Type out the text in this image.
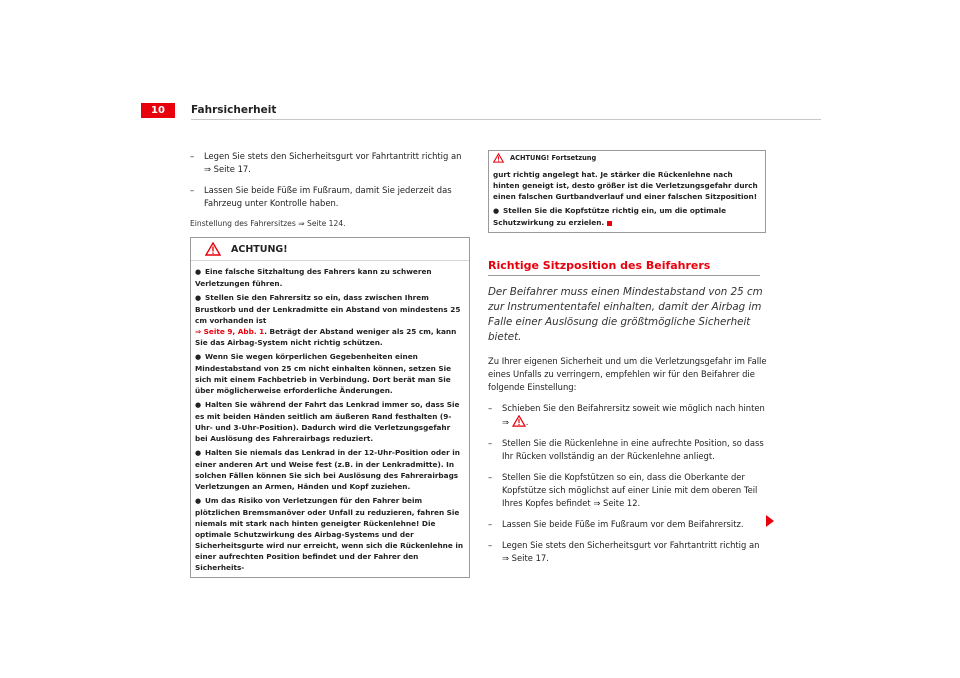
10	Fahrsicherheit
– Legen Sie stets den Sicherheitsgurt vor Fahrtantritt richtig an
⇒ Seite 17.
– Lassen Sie beide Füße im Fußraum, damit Sie jederzeit das Fahrzeug unter Kontrolle haben.
Einstellung des Fahrersitzes ⇒ Seite 124.
ACHTUNG!

● Eine falsche Sitzhaltung des Fahrers kann zu schweren Verletzungen führen.

● Stellen Sie den Fahrersitz so ein, dass zwischen Ihrem Brustkorb und der Lenkradmitte ein Abstand von mindestens 25 cm vorhanden ist
⇒ Seite 9, Abb. 1. Beträgt der Abstand weniger als 25 cm, kann Sie das Airbag-System nicht richtig schützen.

● Wenn Sie wegen körperlichen Gegebenheiten einen Mindestabstand von 25 cm nicht einhalten können, setzen Sie sich mit einem Fachbetrieb in Verbindung. Dort berät man Sie über möglicherweise erforderliche Änderungen.

● Halten Sie während der Fahrt das Lenkrad immer so, dass Sie es mit beiden Händen seitlich am äußeren Rand festhalten (9-Uhr- und 3-Uhr-Position). Dadurch wird die Verletzungsgefahr bei Auslösung des Fahrerairbags reduziert.

● Halten Sie niemals das Lenkrad in der 12-Uhr-Position oder in einer anderen Art und Weise fest (z.B. in der Lenkradmitte). In solchen Fällen können Sie sich bei Auslösung des Fahrerairbags Verletzungen an Armen, Händen und Kopf zuziehen.

● Um das Risiko von Verletzungen für den Fahrer beim plötzlichen Bremsmanöver oder Unfall zu reduzieren, fahren Sie niemals mit stark nach hinten geneigter Rückenlehne! Die optimale Schutzwirkung des Airbag-Systems und der Sicherheitsgurte wird nur erreicht, wenn sich die Rückenlehne in einer aufrechten Position befindet und der Fahrer den Sicherheits-

ACHTUNG! Fortsetzung

gurt richtig angelegt hat. Je stärker die Rückenlehne nach hinten geneigt ist, desto größer ist die Verletzungsgefahr durch einen falschen Gurtbandverlauf und einer falschen Sitzposition!

● Stellen Sie die Kopfstütze richtig ein, um die optimale Schutzwirkung zu erzielen.

Richtige Sitzposition des Beifahrers
Der Beifahrer muss einen Mindestabstand von 25 cm zur Instrumententafel einhalten, damit der Airbag im Falle einer Auslösung die größtmögliche Sicherheit bietet.
Zu Ihrer eigenen Sicherheit und um die Verletzungsgefahr im Falle eines Unfalls zu verringern, empfehlen wir für den Beifahrer die folgende Einstellung:
– Schieben Sie den Beifahrersitz soweit wie möglich nach hinten
⇒ .
– Stellen Sie die Rückenlehne in eine aufrechte Position, so dass Ihr Rücken vollständig an der Rückenlehne anliegt.
– Stellen Sie die Kopfstützen so ein, dass die Oberkante der Kopfstütze sich möglichst auf einer Linie mit dem oberen Teil Ihres Kopfes befindet ⇒ Seite 12.
– Lassen Sie beide Füße im Fußraum vor dem Beifahrersitz.
– Legen Sie stets den Sicherheitsgurt vor Fahrtantritt richtig an
⇒ Seite 17.
